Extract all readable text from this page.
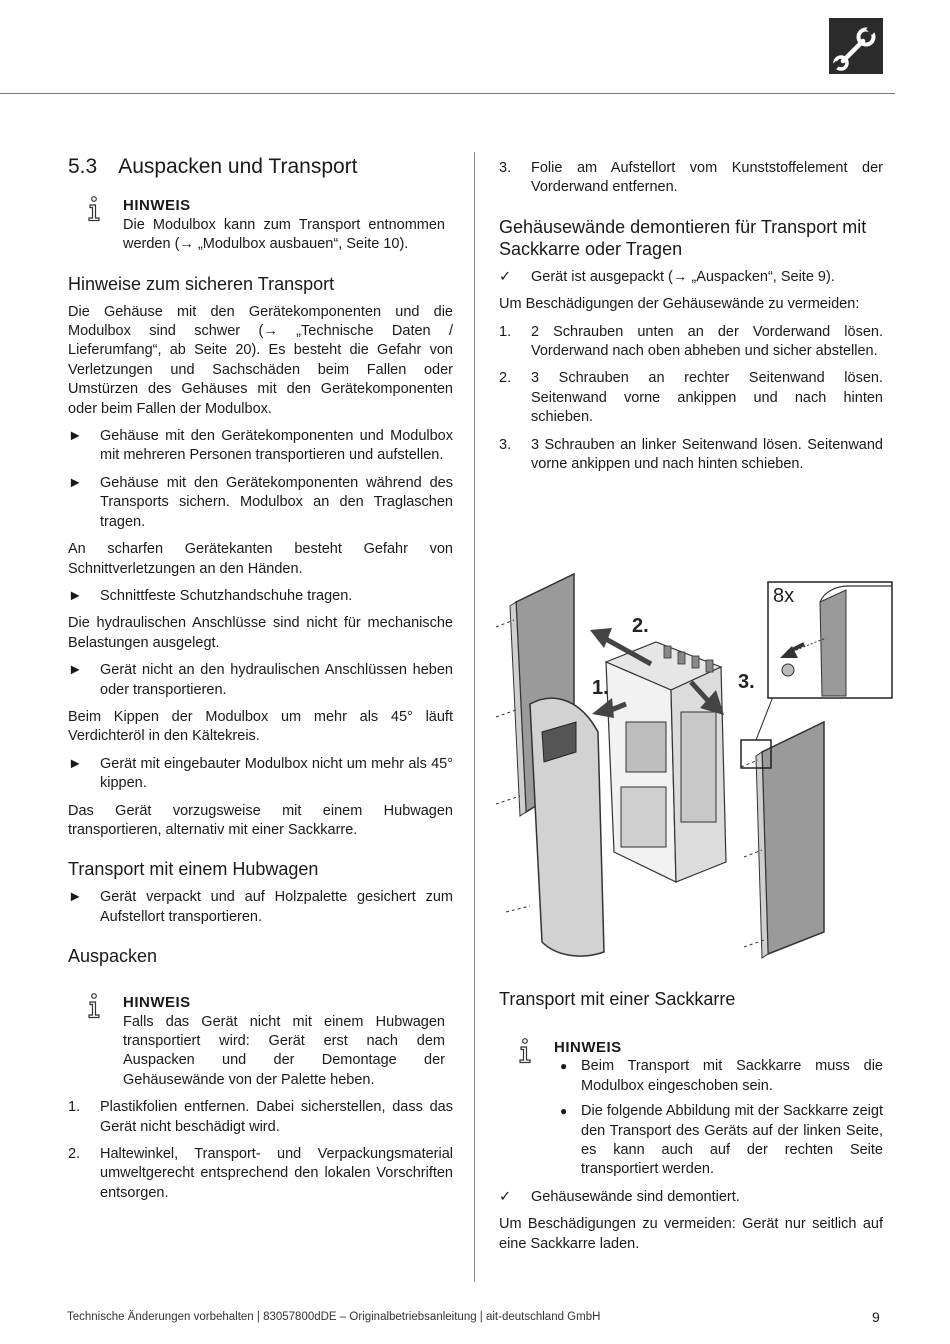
5.3 Auspacken und Transport
HINWEIS

Die Modulbox kann zum Transport entnommen werden (→ „Modulbox ausbauen“, Seite 10).

Hinweise zum sicheren Transport

Die Gehäuse mit den Gerätekomponenten und die Modulbox sind schwer (→ „Technische Daten / Lieferumfang“, ab Seite 20). Es besteht die Gefahr von Verletzungen und Sachschäden beim Fallen oder Umstürzen des Gehäuses mit den Gerätekomponenten oder beim Fallen der Modulbox.

► Gehäuse mit den Gerätekomponenten und Modulbox mit mehreren Personen transportieren und aufstellen.
► Gehäuse mit den Gerätekomponenten während des Transports sichern. Modulbox an den Traglaschen tragen.

An scharfen Gerätekanten besteht Gefahr von Schnittverletzungen an den Händen.

► Schnittfeste Schutzhandschuhe tragen.

Die hydraulischen Anschlüsse sind nicht für mechanische Belastungen ausgelegt.

► Gerät nicht an den hydraulischen Anschlüssen heben oder transportieren.

Beim Kippen der Modulbox um mehr als 45° läuft Verdichteröl in den Kältekreis.

► Gerät mit eingebauter Modulbox nicht um mehr als 45° kippen.

Das Gerät vorzugsweise mit einem Hubwagen transportieren, alternativ mit einer Sackkarre.

Transport mit einem Hubwagen
► Gerät verpackt und auf Holzpalette gesichert zum Aufstellort transportieren.
Auspacken
HINWEIS

Falls das Gerät nicht mit einem Hubwagen transportiert wird: Gerät erst nach dem Auspacken und der Demontage der Gehäusewände von der Palette heben.

1. Plastikfolien entfernen. Dabei sicherstellen, dass das Gerät nicht beschädigt wird.
2. Haltewinkel, Transport- und Verpackungsmaterial umweltgerecht entsprechend den lokalen Vorschriften entsorgen.
3. Folie am Aufstellort vom Kunststoffelement der Vorderwand entfernen.
Gehäusewände demontieren für Transport mit Sackkarre oder Tragen
✓ Gerät ist ausgepackt (→ „Auspacken“, Seite 9).

Um Beschädigungen der Gehäusewände zu vermeiden:

1. 2 Schrauben unten an der Vorderwand lösen. Vorderwand nach oben abheben und sicher abstellen.
2. 3 Schrauben an rechter Seitenwand lösen. Seitenwand vorne ankippen und nach hinten schieben.
3. 3 Schrauben an linker Seitenwand lösen. Seitenwand vorne ankippen und nach hinten schieben.
2.
1.	3.
8x
Transport mit einer Sackkarre
HINWEIS
● Beim Transport mit Sackkarre muss die Modulbox eingeschoben sein.
● Die folgende Abbildung mit der Sackkarre zeigt den Transport des Geräts auf der linken Seite, es kann auch auf der rechten Seite transportiert werden.
✓ Gehäusewände sind demontiert.

Um Beschädigungen zu vermeiden: Gerät nur seitlich auf eine Sackkarre laden.

Technische Änderungen vorbehalten | 83057800dDE – Originalbetriebsanleitung | ait-deutschland GmbH	9
